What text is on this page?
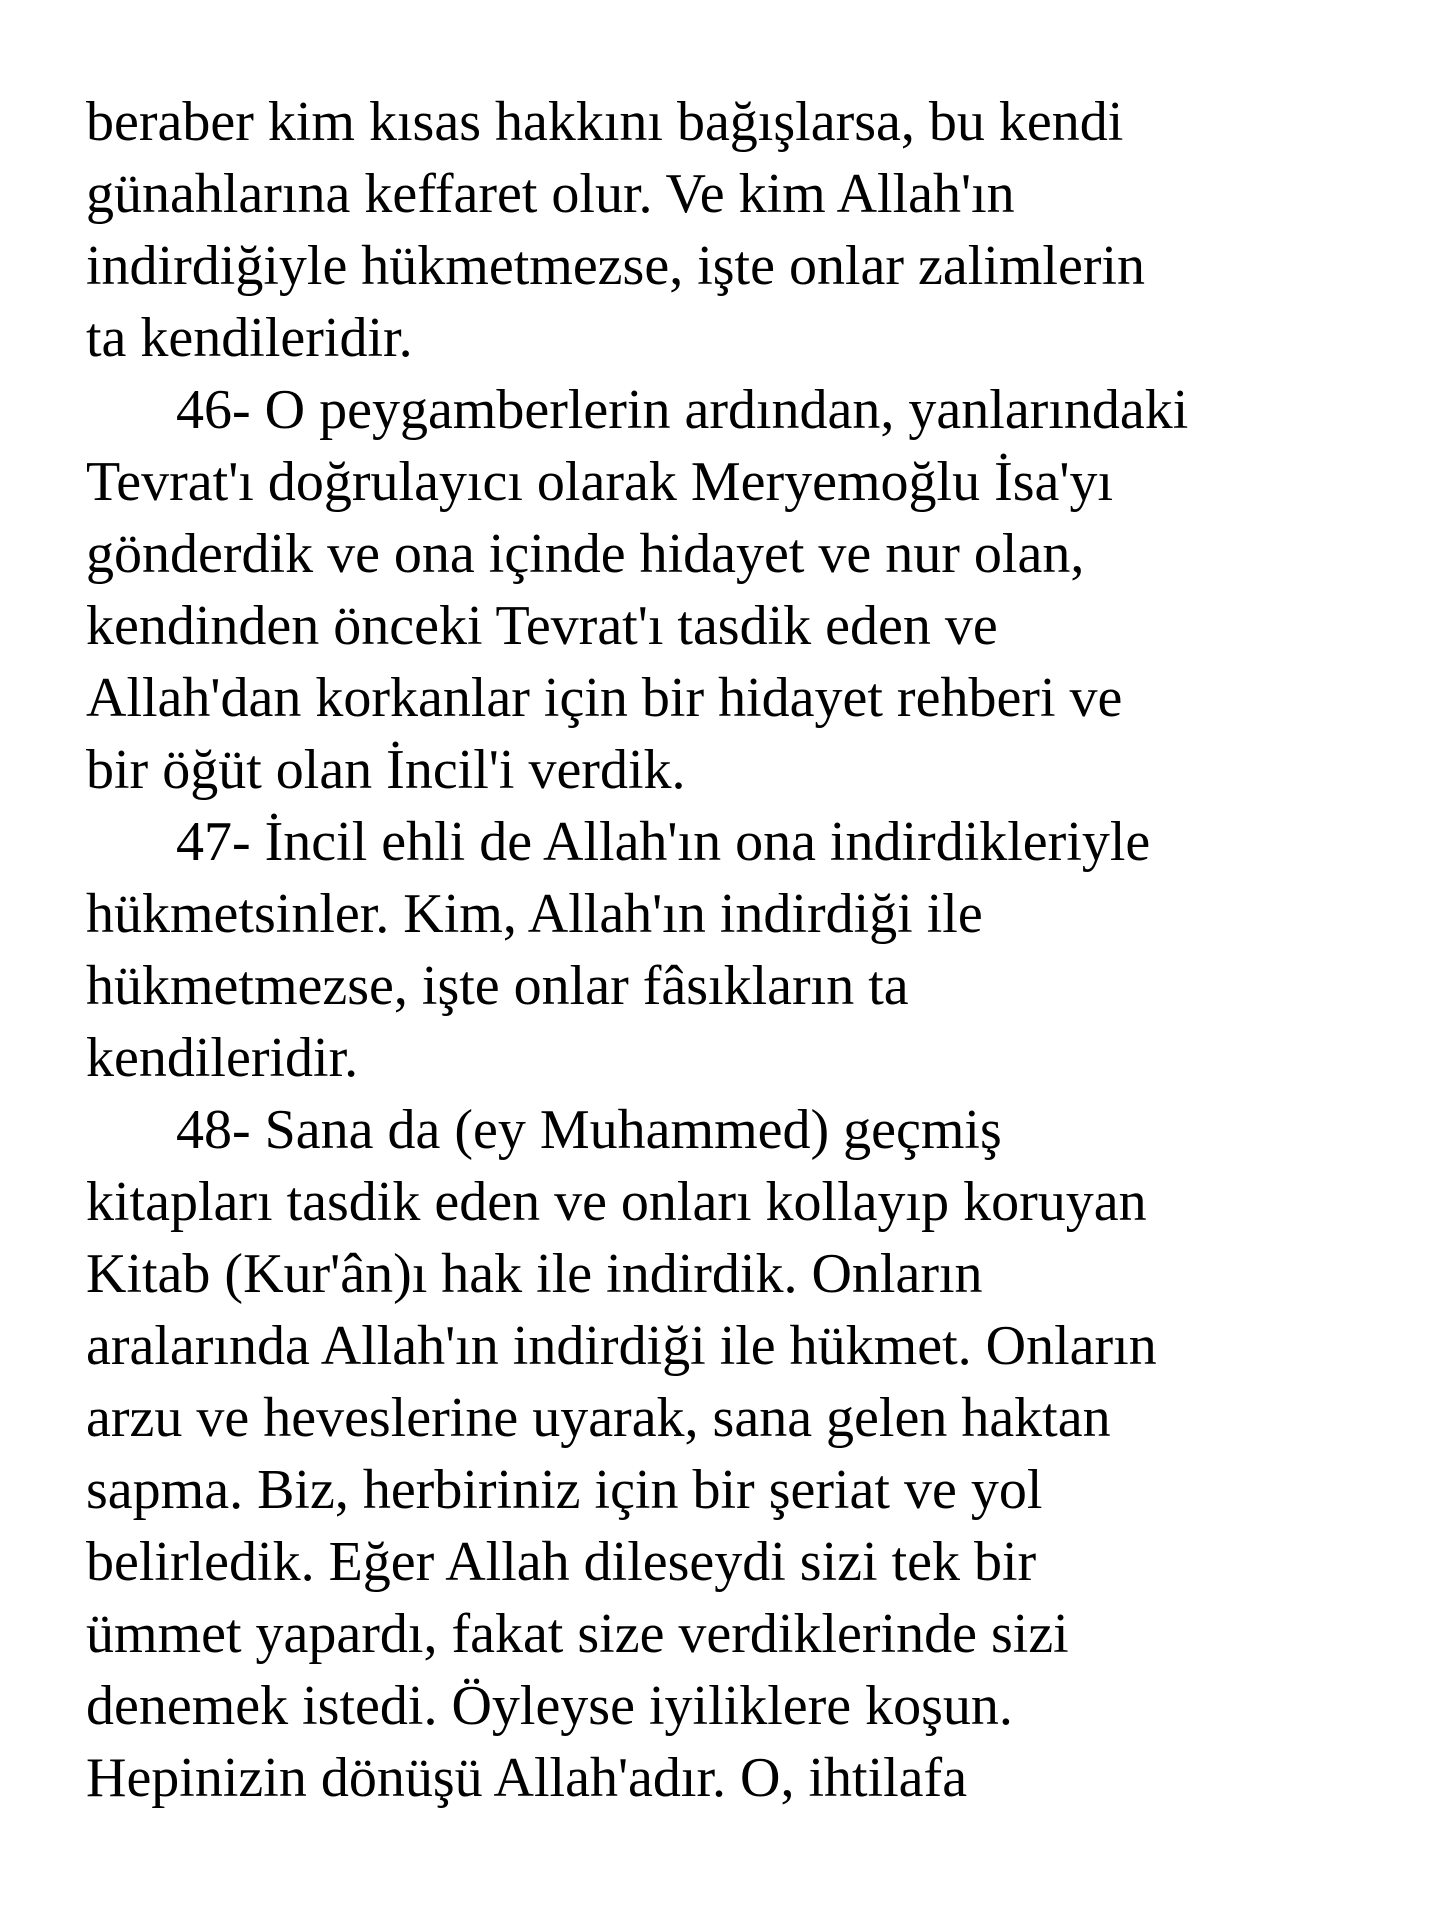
beraber kim kısas hakkını bağışlarsa, bu kendi

günahlarına keffaret olur. Ve kim Allah'ın

indirdiğiyle hükmetmezse, işte onlar zalimlerin

ta kendileridir.

46- O peygamberlerin ardından, yanlarındaki

Tevrat'ı doğrulayıcı olarak Meryemoğlu İsa'yı

gönderdik ve ona içinde hidayet ve nur olan,

kendinden önceki Tevrat'ı tasdik eden ve

Allah'dan korkanlar için bir hidayet rehberi ve

bir öğüt olan İncil'i verdik.

47- İncil ehli de Allah'ın ona indirdikleriyle

hükmetsinler. Kim, Allah'ın indirdiği ile

hükmetmezse, işte onlar fâsıkların ta

kendileridir.

48- Sana da (ey Muhammed) geçmiş

kitapları tasdik eden ve onları kollayıp koruyan

Kitab (Kur'ân)ı hak ile indirdik. Onların

aralarında Allah'ın indirdiği ile hükmet. Onların

arzu ve heveslerine uyarak, sana gelen haktan

sapma. Biz, herbiriniz için bir şeriat ve yol

belirledik. Eğer Allah dileseydi sizi tek bir

ümmet yapardı, fakat size verdiklerinde sizi

denemek istedi. Öyleyse iyiliklere koşun.

Hepinizin dönüşü Allah'adır. O, ihtilafa
